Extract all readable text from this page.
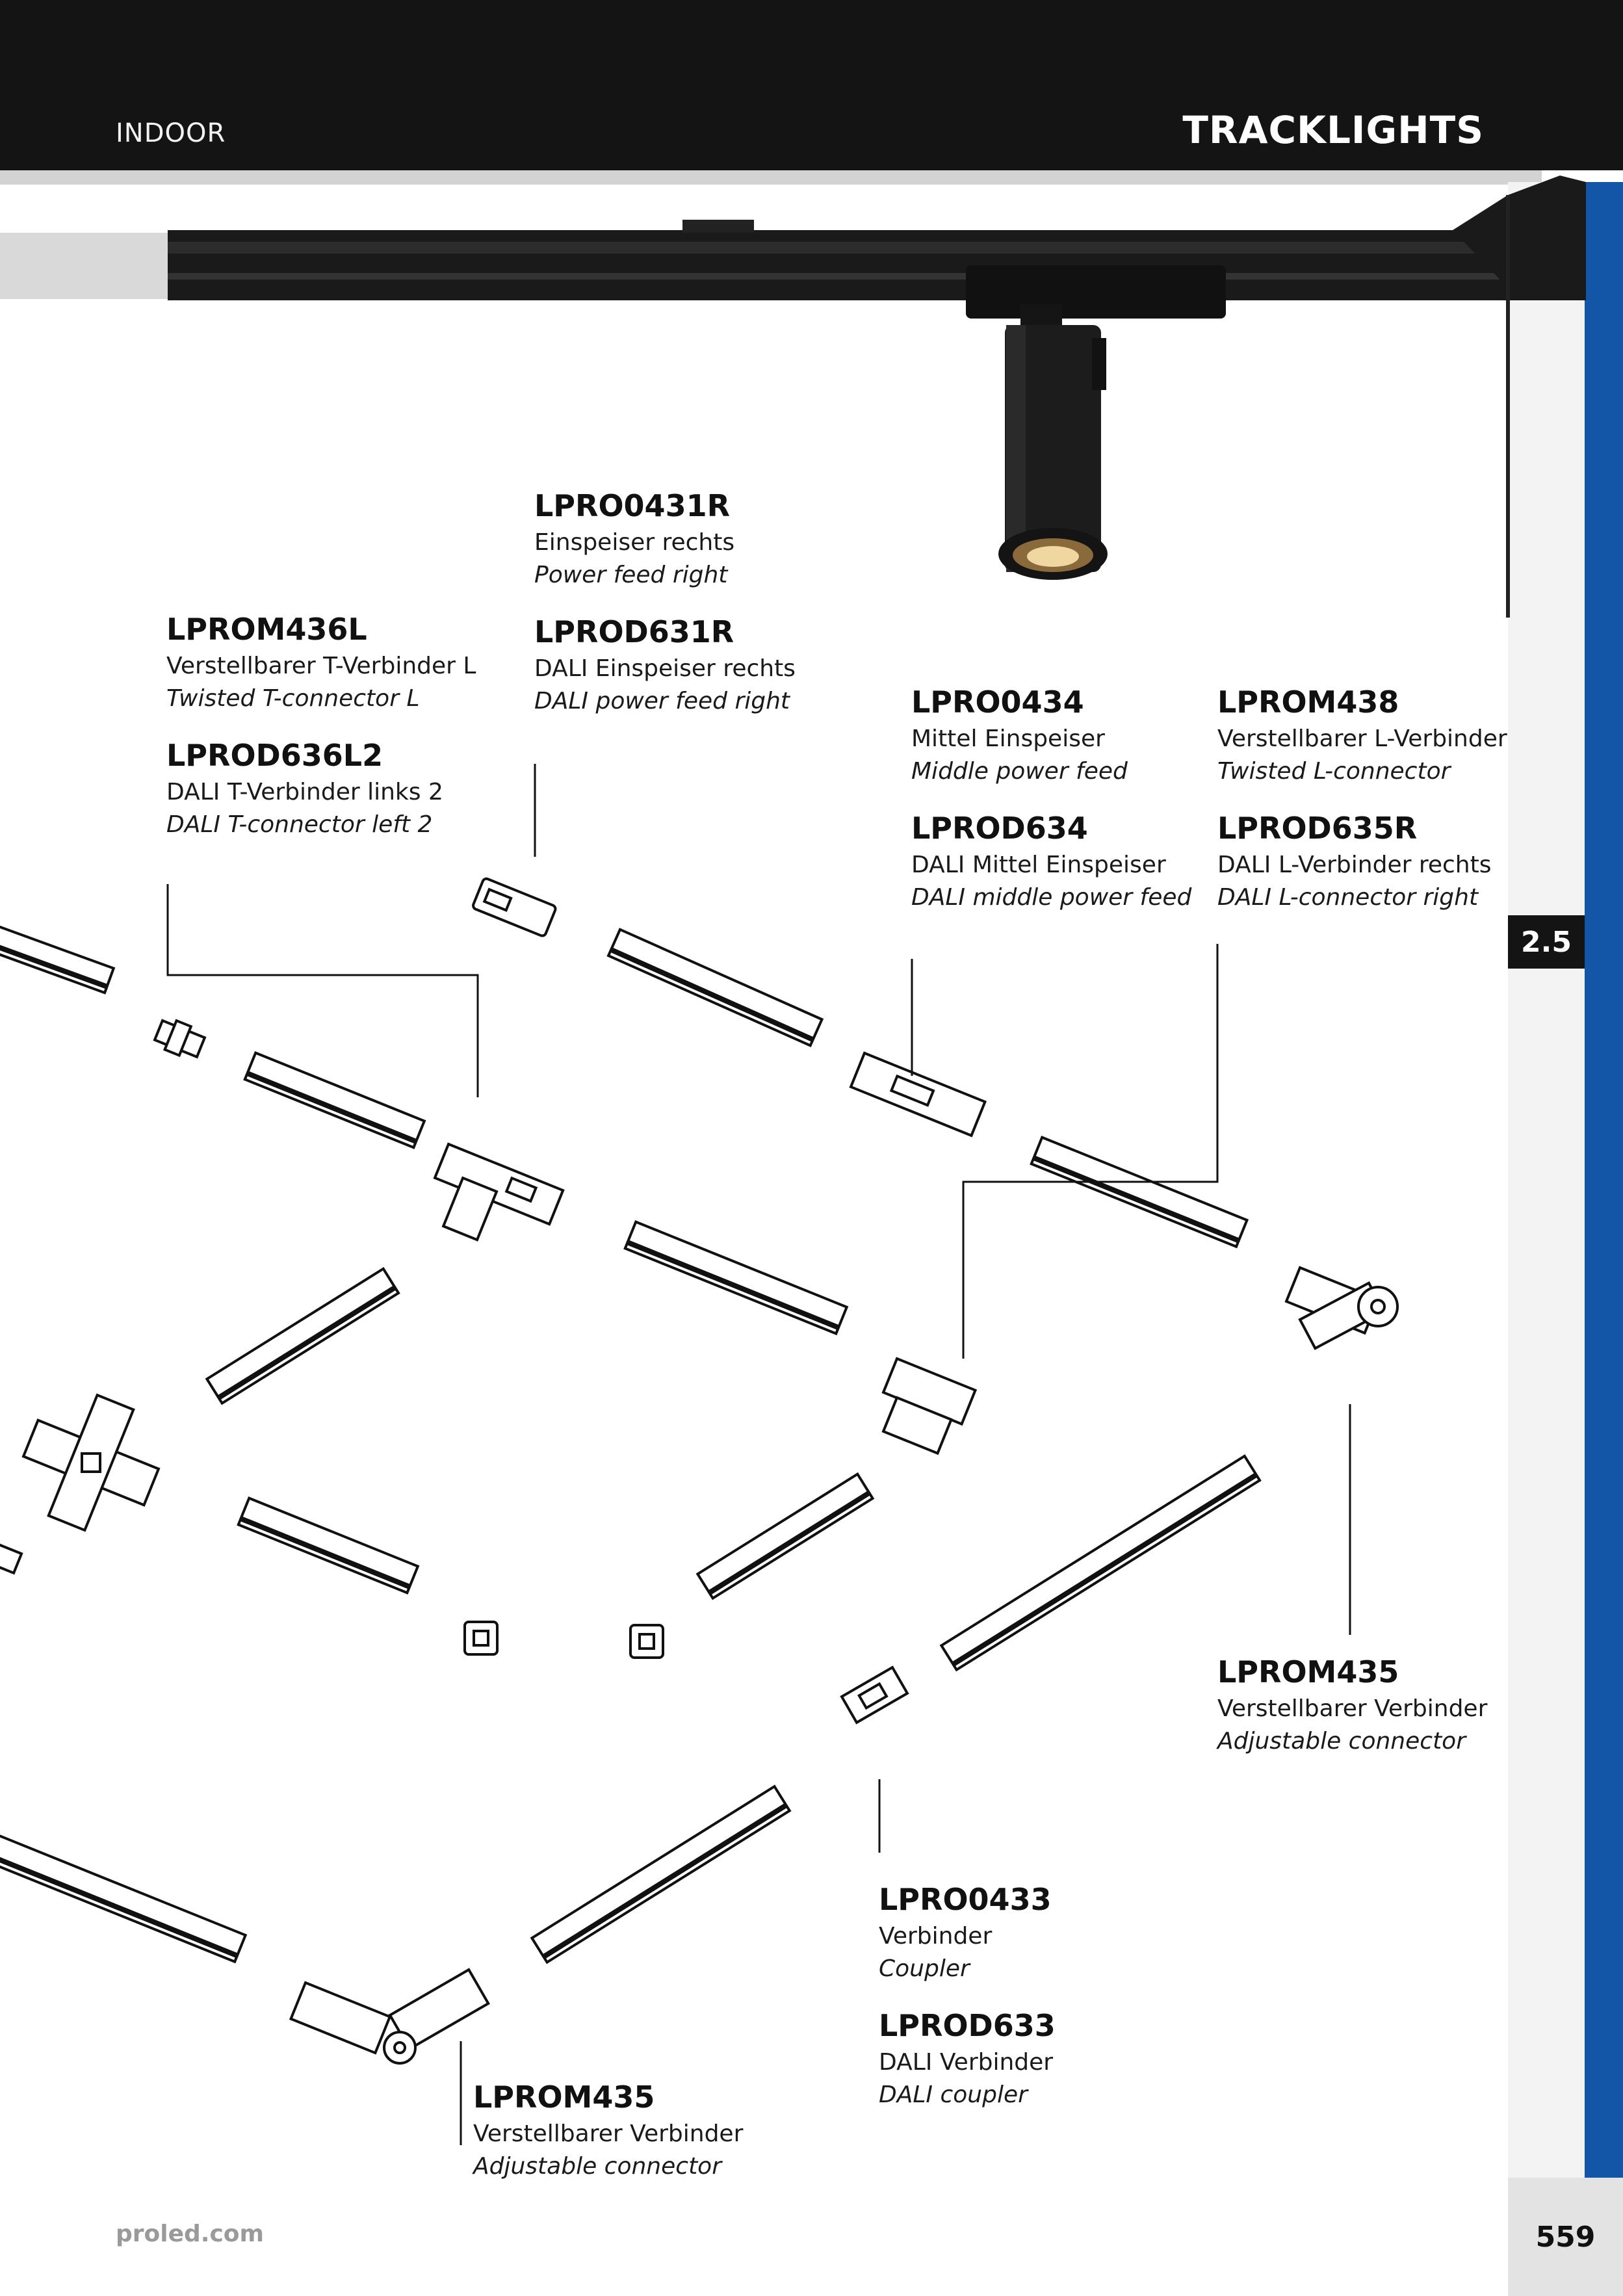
INDOOR	TRACKLIGHTS
2.5
LPRO0431R
Einspeiser rechts
Power feed right
LPROD631R
DALI Einspeiser rechts
DALI power feed right
LPROM436L
Verstellbarer T-Verbinder L
Twisted T-connector L
LPROD636L2
DALI T-Verbinder links 2
DALI T-connector left 2
LPRO0434
Mittel Einspeiser
Middle power feed
LPROD634
DALI Mittel Einspeiser
DALI middle power feed
LPROM438
Verstellbarer L-Verbinder
Twisted L-connector
LPROD635R
DALI L-Verbinder rechts
DALI L-connector right
LPROM435
Verstellbarer Verbinder
Adjustable connector
LPRO0433
Verbinder
Coupler
LPROD633
DALI Verbinder
DALI coupler
LPROM435
Verstellbarer Verbinder
Adjustable connector
proled.com	559
